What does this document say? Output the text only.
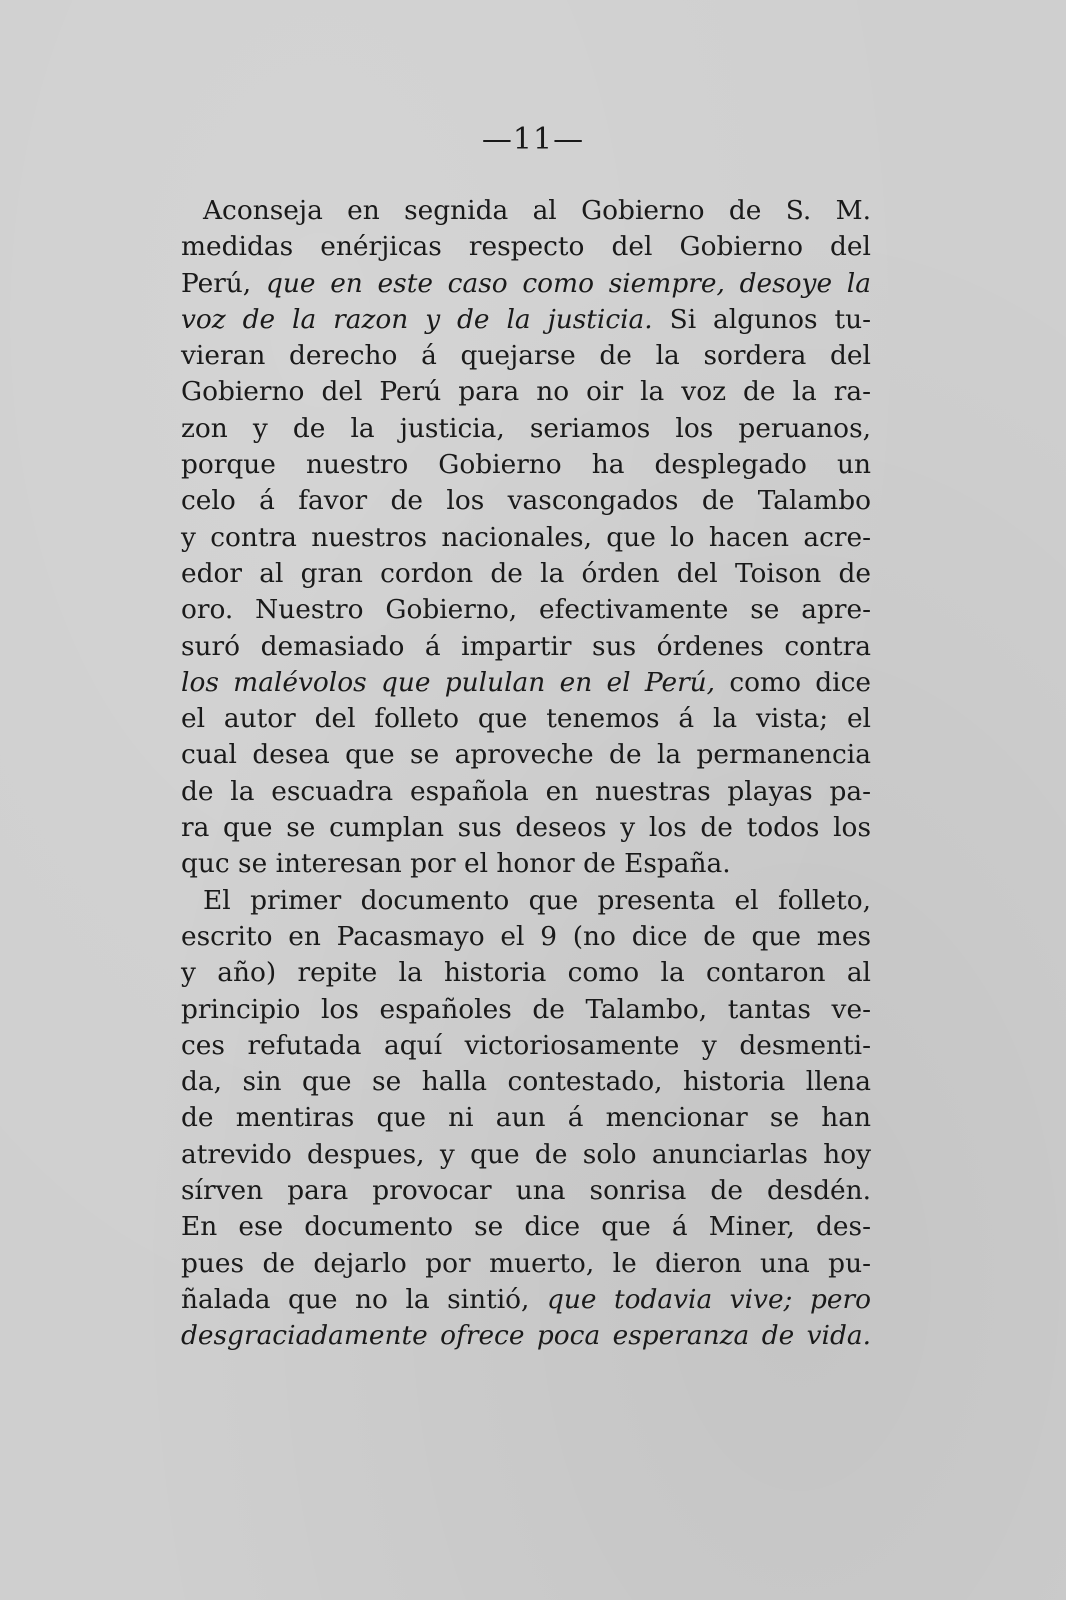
—11—
Aconseja en segnida al Gobierno de S. M.
medidas enérjicas respecto del Gobierno del
Perú, que en este caso como siempre, desoye la
voz de la razon y de la justicia. Si algunos tu-
vieran derecho á quejarse de la sordera del
Gobierno del Perú para no oir la voz de la ra-
zon y de la justicia, seriamos los peruanos,
porque nuestro Gobierno ha desplegado un
celo á favor de los vascongados de Talambo
y contra nuestros nacionales, que lo hacen acre-
edor al gran cordon de la órden del Toison de
oro. Nuestro Gobierno, efectivamente se apre-
suró demasiado á impartir sus órdenes contra
los malévolos que pululan en el Perú, como dice
el autor del folleto que tenemos á la vista; el
cual desea que se aproveche de la permanencia
de la escuadra española en nuestras playas pa-
ra que se cumplan sus deseos y los de todos los
quc se interesan por el honor de España.
El primer documento que presenta el folleto,
escrito en Pacasmayo el 9 (no dice de que mes
y año) repite la historia como la contaron al
principio los españoles de Talambo, tantas ve-
ces refutada aquí victoriosamente y desmenti-
da, sin que se halla contestado, historia llena
de mentiras que ni aun á mencionar se han
atrevido despues, y que de solo anunciarlas hoy
sírven para provocar una sonrisa de desdén.
En ese documento se dice que á Miner, des-
pues de dejarlo por muerto, le dieron una pu-
ñalada que no la sintió, que todavia vive; pero
desgraciadamente ofrece poca esperanza de vida.
